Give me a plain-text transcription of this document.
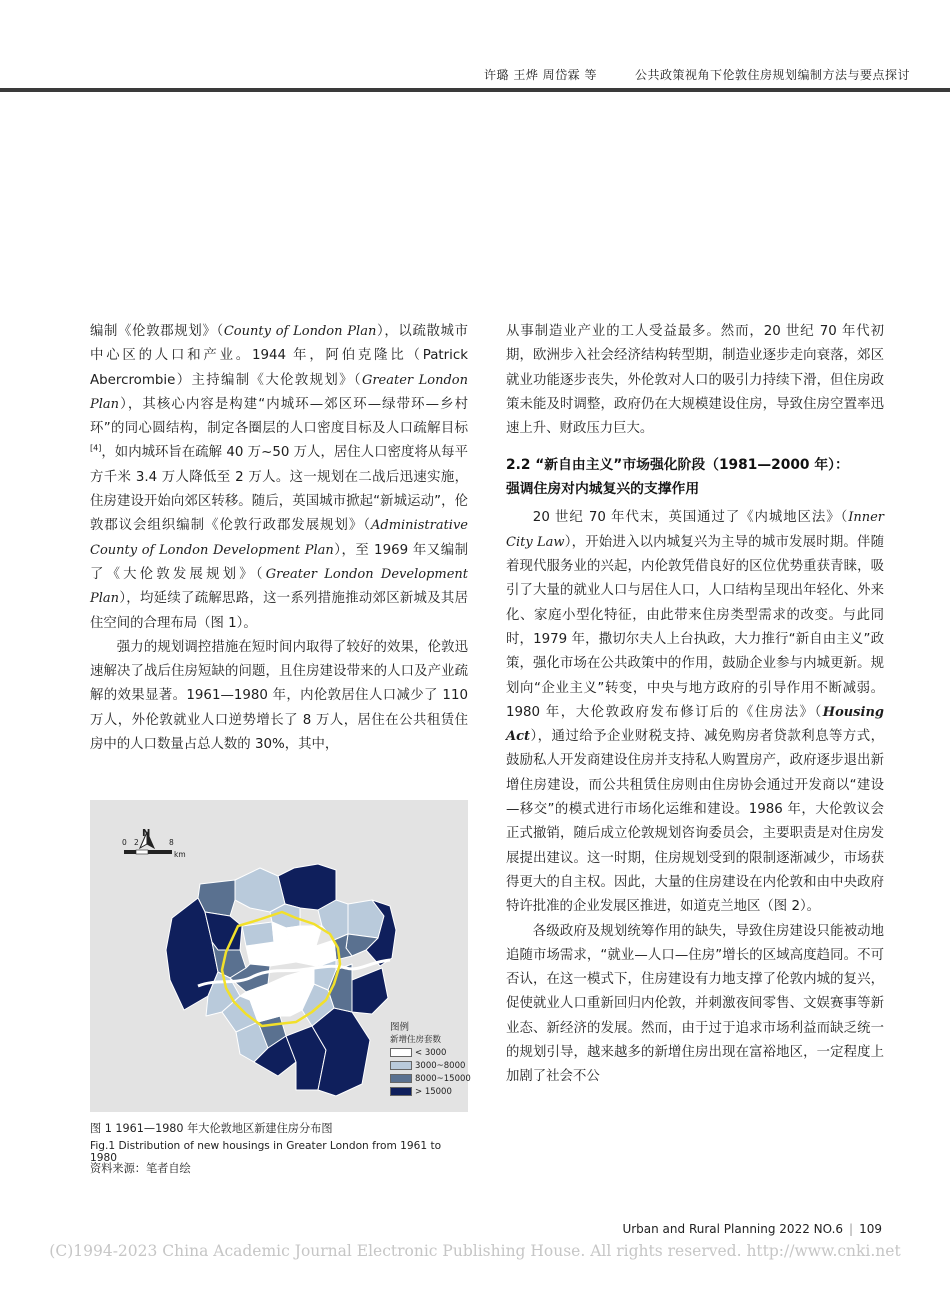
许璐 王烨 周岱霖 等	公共政策视角下伦敦住房规划编制方法与要点探讨

编制《伦敦郡规划》（County of London Plan），以疏散城市中心区的人口和产业。1944 年，阿伯克隆比（Patrick Abercrombie）主持编制《大伦敦规划》（Greater London Plan），其核心内容是构建“内城环—郊区环—绿带环—乡村环”的同心圆结构，制定各圈层的人口密度目标及人口疏解目标[4]，如内城环旨在疏解 40 万~50 万人，居住人口密度将从每平方千米 3.4 万人降低至 2 万人。这一规划在二战后迅速实施，住房建设开始向郊区转移。随后，英国城市掀起“新城运动”，伦敦郡议会组织编制《伦敦行政郡发展规划》（Administrative County of London Development Plan），至 1969 年又编制了《大伦敦发展规划》（Greater London Development Plan），均延续了疏解思路，这一系列措施推动郊区新城及其居住空间的合理布局（图 1）。

强力的规划调控措施在短时间内取得了较好的效果，伦敦迅速解决了战后住房短缺的问题，且住房建设带来的人口及产业疏解的效果显著。1961—1980 年，内伦敦居住人口减少了 110 万人，外伦敦就业人口逆势增长了 8 万人，居住在公共租赁住房中的人口数量占总人数的 30%，其中，

N
0 2 4 8
km
图例
新增住房套数
< 3000
3000~8000
8000~15000
> 15000
图 1 1961—1980 年大伦敦地区新建住房分布图
Fig.1 Distribution of new housings in Greater London from 1961 to 1980
资料来源：笔者自绘

从事制造业产业的工人受益最多。然而，20 世纪 70 年代初期，欧洲步入社会经济结构转型期，制造业逐步走向衰落，郊区就业功能逐步丧失，外伦敦对人口的吸引力持续下滑，但住房政策未能及时调整，政府仍在大规模建设住房，导致住房空置率迅速上升、财政压力巨大。

2.2 “新自由主义”市场强化阶段（1981—2000 年）：
强调住房对内城复兴的支撑作用

20 世纪 70 年代末，英国通过了《内城地区法》（Inner City Law），开始进入以内城复兴为主导的城市发展时期。伴随着现代服务业的兴起，内伦敦凭借良好的区位优势重获青睐，吸引了大量的就业人口与居住人口，人口结构呈现出年轻化、外来化、家庭小型化特征，由此带来住房类型需求的改变。与此同时，1979 年，撒切尔夫人上台执政，大力推行“新自由主义”政策，强化市场在公共政策中的作用，鼓励企业参与内城更新。规划向“企业主义”转变，中央与地方政府的引导作用不断减弱。1980 年，大伦敦政府发布修订后的《住房法》（Housing Act），通过给予企业财税支持、减免购房者贷款利息等方式，鼓励私人开发商建设住房并支持私人购置房产，政府逐步退出新增住房建设，而公共租赁住房则由住房协会通过开发商以“建设—移交”的模式进行市场化运维和建设。1986 年，大伦敦议会正式撤销，随后成立伦敦规划咨询委员会，主要职责是对住房发展提出建议。这一时期，住房规划受到的限制逐渐减少，市场获得更大的自主权。因此，大量的住房建设在内伦敦和由中央政府特许批准的企业发展区推进，如道克兰地区（图 2）。

各级政府及规划统筹作用的缺失，导致住房建设只能被动地追随市场需求，“就业—人口—住房”增长的区域高度趋同。不可否认，在这一模式下，住房建设有力地支撑了伦敦内城的复兴，促使就业人口重新回归内伦敦，并刺激夜间零售、文娱赛事等新业态、新经济的发展。然而，由于过于追求市场利益而缺乏统一的规划引导，越来越多的新增住房出现在富裕地区，一定程度上加剧了社会不公

Urban and Rural Planning 2022 NO.6 | 109
(C)1994-2023 China Academic Journal Electronic Publishing House. All rights reserved. http://www.cnki.net
